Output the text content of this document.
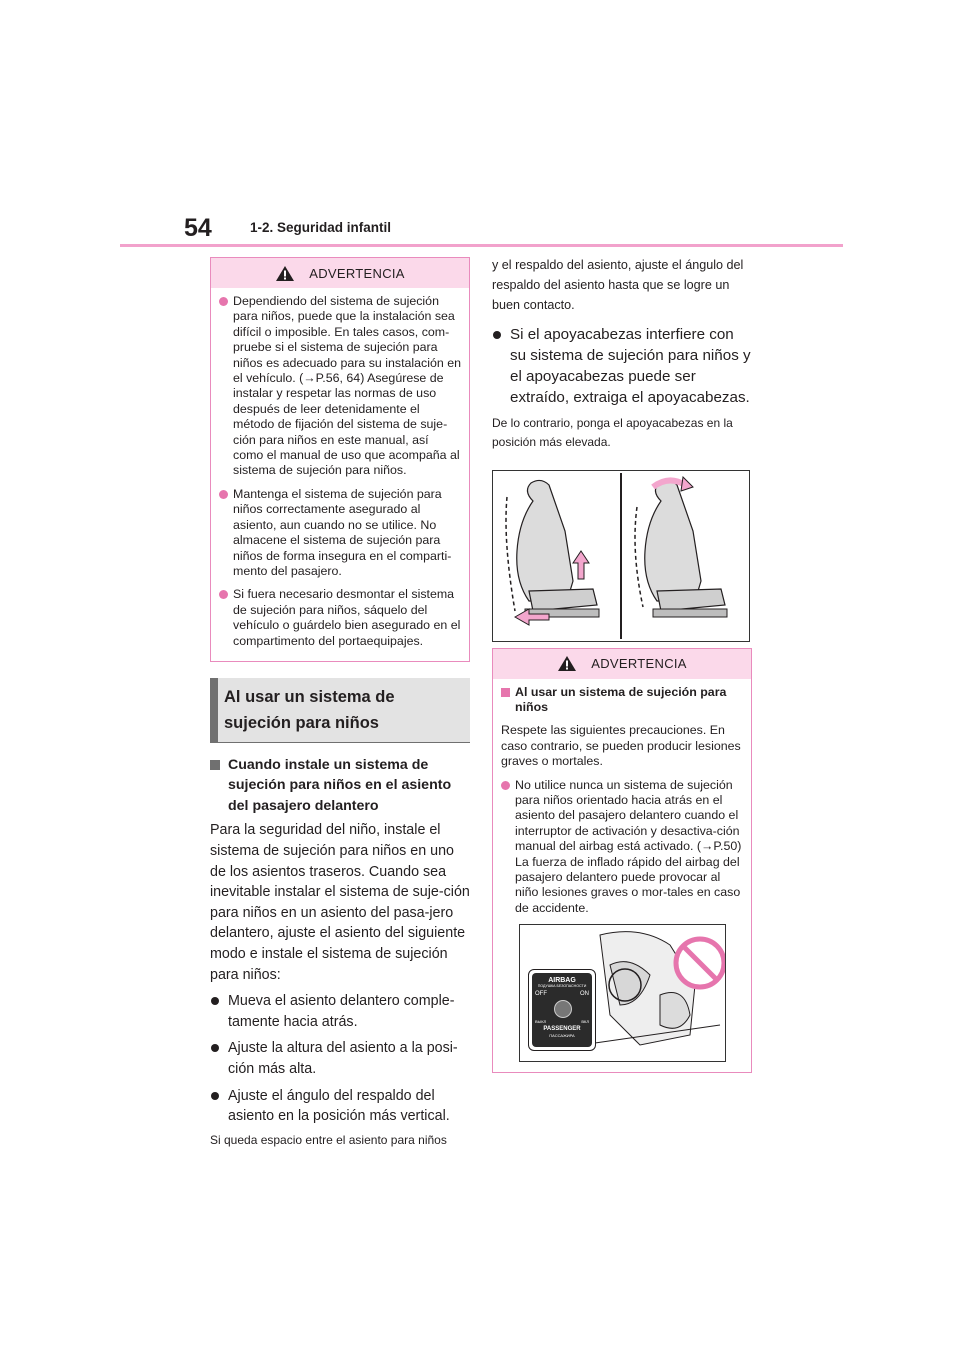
54	1-2. Seguridad infantil
ADVERTENCIA
Dependiendo del sistema de sujeción para niños, puede que la instalación sea difícil o imposible. En tales casos, com-pruebe si el sistema de sujeción para niños es adecuado para su instalación en el vehículo. (→P.56, 64) Asegúrese de instalar y respetar las normas de uso después de leer detenidamente el método de fijación del sistema de suje-ción para niños en este manual, así como el manual de uso que acompaña al sistema de sujeción para niños.
Mantenga el sistema de sujeción para niños correctamente asegurado al asiento, aun cuando no se utilice. No almacene el sistema de sujeción para niños de forma insegura en el comparti-mento del pasajero.
Si fuera necesario desmontar el sistema de sujeción para niños, sáquelo del vehículo o guárdelo bien asegurado en el compartimento del portaequipajes.
Al usar un sistema de sujeción para niños
Cuando instale un sistema de sujeción para niños en el asiento del pasajero delantero
Para la seguridad del niño, instale el sistema de sujeción para niños en uno de los asientos traseros. Cuando sea inevitable instalar el sistema de suje-ción para niños en un asiento del pasa-jero delantero, ajuste el asiento del siguiente modo e instale el sistema de sujeción para niños:
Mueva el asiento delantero comple-tamente hacia atrás.
Ajuste la altura del asiento a la posi-ción más alta.
Ajuste el ángulo del respaldo del asiento en la posición más vertical.
Si queda espacio entre el asiento para niños
y el respaldo del asiento, ajuste el ángulo del respaldo del asiento hasta que se logre un buen contacto.
Si el apoyacabezas interfiere con su sistema de sujeción para niños y el apoyacabezas puede ser extraído, extraiga el apoyacabezas.
De lo contrario, ponga el apoyacabezas en la posición más elevada.
ADVERTENCIA
Al usar un sistema de sujeción para niños
Respete las siguientes precauciones. En caso contrario, se pueden producir lesiones graves o mortales.
No utilice nunca un sistema de sujeción para niños orientado hacia atrás en el asiento del pasajero delantero cuando el interruptor de activación y desactiva-ción manual del airbag está activado. (→P.50) La fuerza de inflado rápido del airbag del pasajero delantero puede provocar al niño lesiones graves o mor-tales en caso de accidente.
AIRBAG
ПОДУШКА БЕЗОПАСНОСТИ
OFF	ON
ВЫКЛ	ВКЛ
PASSENGER
ПАССАЖИРА
